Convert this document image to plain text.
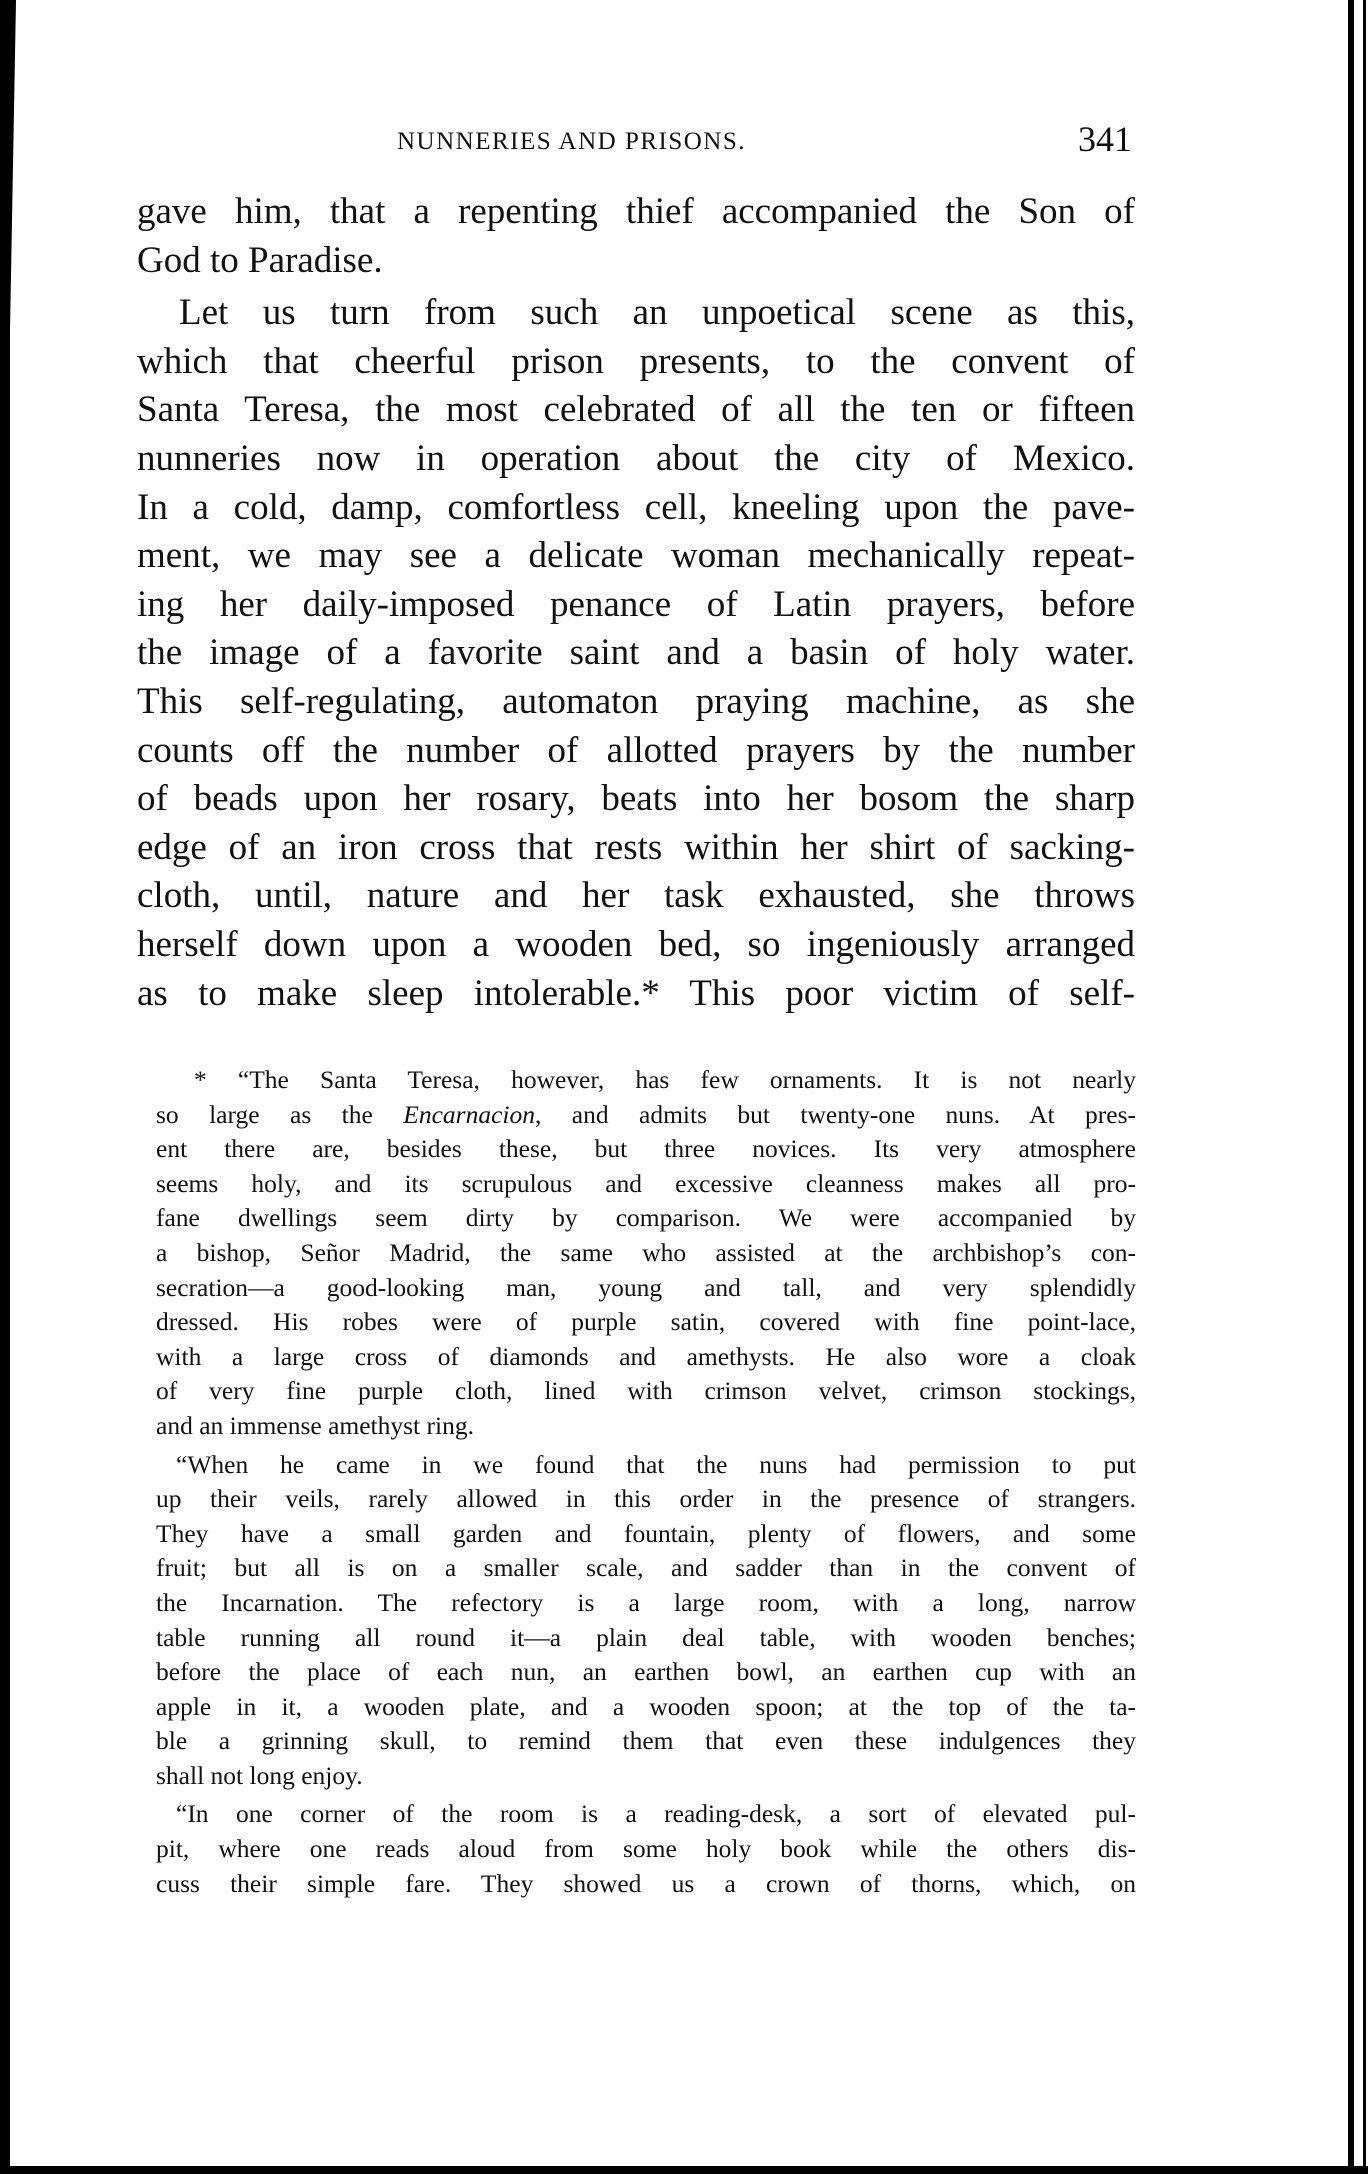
NUNNERIES AND PRISONS.	341
gave him, that a repenting thief accompanied the Son of
God to Paradise.
Let us turn from such an unpoetical scene as this,
which that cheerful prison presents, to the convent of
Santa Teresa, the most celebrated of all the ten or fifteen
nunneries now in operation about the city of Mexico.
In a cold, damp, comfortless cell, kneeling upon the pave-
ment, we may see a delicate woman mechanically repeat-
ing her daily-imposed penance of Latin prayers, before
the image of a favorite saint and a basin of holy water.
This self-regulating, automaton praying machine, as she
counts off the number of allotted prayers by the number
of beads upon her rosary, beats into her bosom the sharp
edge of an iron cross that rests within her shirt of sacking-
cloth, until, nature and her task exhausted, she throws
herself down upon a wooden bed, so ingeniously arranged
as to make sleep intolerable.* This poor victim of self-
* “The Santa Teresa, however, has few ornaments. It is not nearly
so large as the Encarnacion, and admits but twenty-one nuns. At pres-
ent there are, besides these, but three novices. Its very atmosphere
seems holy, and its scrupulous and excessive cleanness makes all pro-
fane dwellings seem dirty by comparison. We were accompanied by
a bishop, Señor Madrid, the same who assisted at the archbishop’s con-
secration—a good-looking man, young and tall, and very splendidly
dressed. His robes were of purple satin, covered with fine point-lace,
with a large cross of diamonds and amethysts. He also wore a cloak
of very fine purple cloth, lined with crimson velvet, crimson stockings,
and an immense amethyst ring.
“When he came in we found that the nuns had permission to put
up their veils, rarely allowed in this order in the presence of strangers.
They have a small garden and fountain, plenty of flowers, and some
fruit; but all is on a smaller scale, and sadder than in the convent of
the Incarnation. The refectory is a large room, with a long, narrow
table running all round it—a plain deal table, with wooden benches;
before the place of each nun, an earthen bowl, an earthen cup with an
apple in it, a wooden plate, and a wooden spoon; at the top of the ta-
ble a grinning skull, to remind them that even these indulgences they
shall not long enjoy.
“In one corner of the room is a reading-desk, a sort of elevated pul-
pit, where one reads aloud from some holy book while the others dis-
cuss their simple fare. They showed us a crown of thorns, which, on
